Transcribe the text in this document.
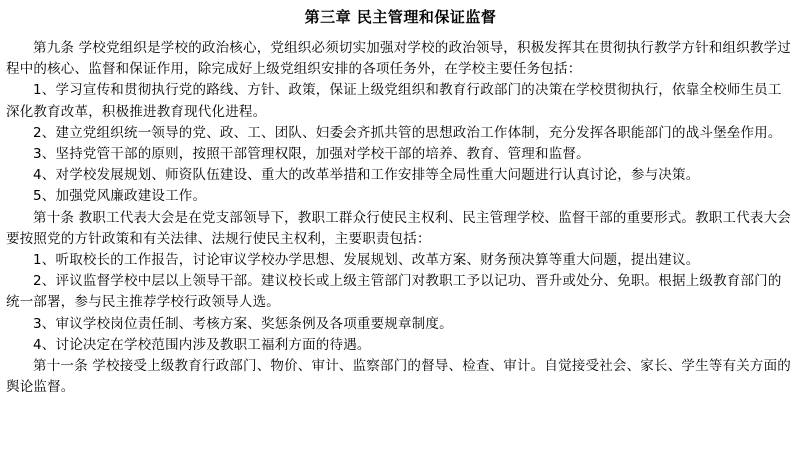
第三章 民主管理和保证监督

第九条 学校党组织是学校的政治核心，党组织必须切实加强对学校的政治领导，积极发挥其在贯彻执行教学方针和组织教学过程中的核心、监督和保证作用，除完成好上级党组织安排的各项任务外，在学校主要任务包括：

1、学习宣传和贯彻执行党的路线、方针、政策，保证上级党组织和教育行政部门的决策在学校贯彻执行，依靠全校师生员工深化教育改革，积极推进教育现代化进程。

2、建立党组织统一领导的党、政、工、团队、妇委会齐抓共管的思想政治工作体制，充分发挥各职能部门的战斗堡垒作用。

3、坚持党管干部的原则，按照干部管理权限，加强对学校干部的培养、教育、管理和监督。

4、对学校发展规划、师资队伍建设、重大的改革举措和工作安排等全局性重大问题进行认真讨论，参与决策。

5、加强党风廉政建设工作。

第十条 教职工代表大会是在党支部领导下，教职工群众行使民主权利、民主管理学校、监督干部的重要形式。教职工代表大会要按照党的方针政策和有关法律、法规行使民主权利，主要职责包括：

1、听取校长的工作报告，讨论审议学校办学思想、发展规划、改革方案、财务预决算等重大问题，提出建议。

2、评议监督学校中层以上领导干部。建议校长或上级主管部门对教职工予以记功、晋升或处分、免职。根据上级教育部门的统一部署，参与民主推荐学校行政领导人选。

3、审议学校岗位责任制、考核方案、奖惩条例及各项重要规章制度。

4、讨论决定在学校范围内涉及教职工福利方面的待遇。

第十一条 学校接受上级教育行政部门、物价、审计、监察部门的督导、检查、审计。自觉接受社会、家长、学生等有关方面的舆论监督。
